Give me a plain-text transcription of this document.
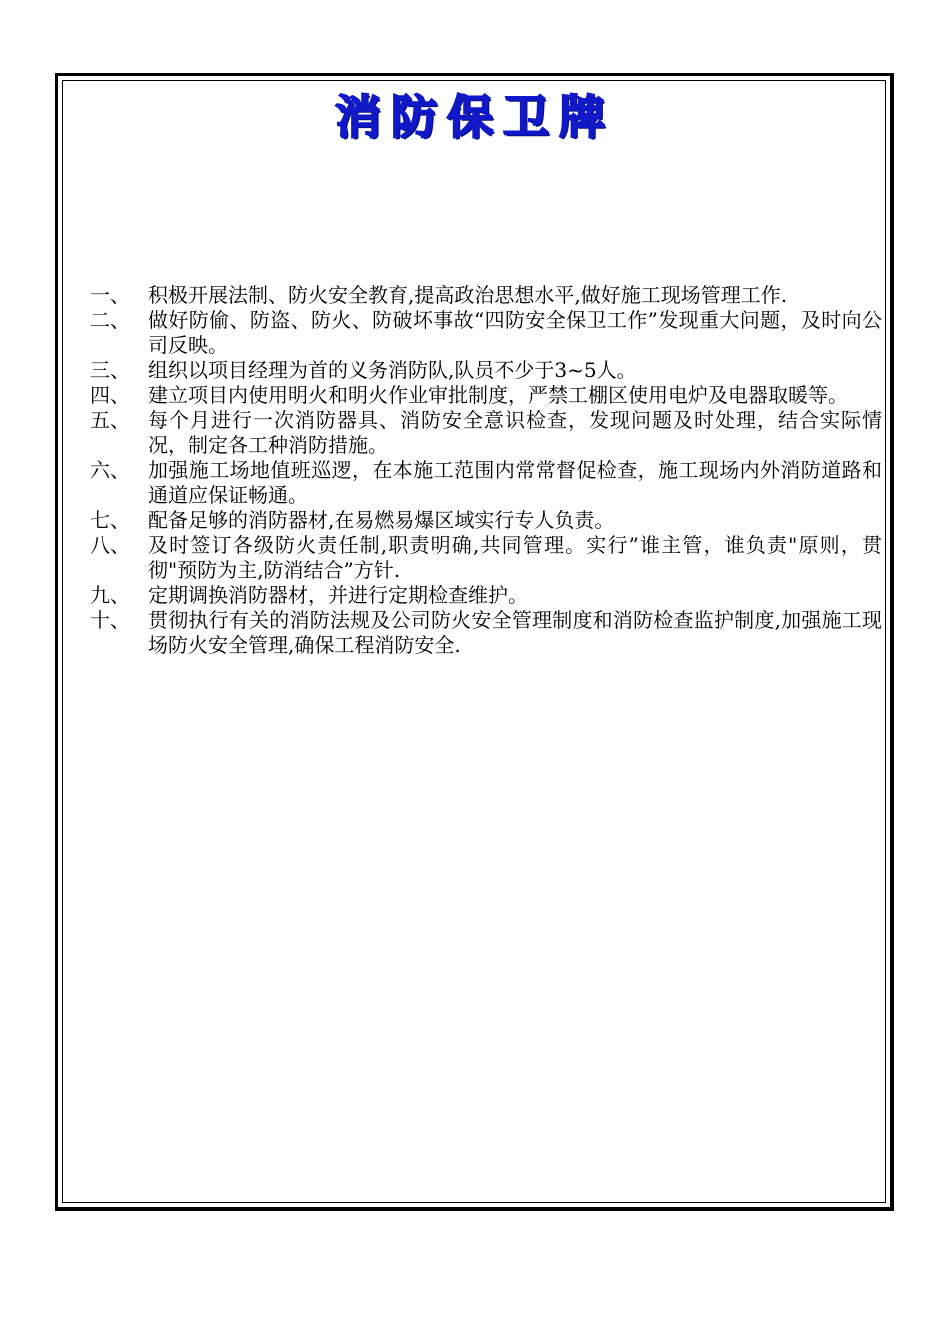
消防保卫牌
一、 积极开展法制、防火安全教育,提高政治思想水平,做好施工现场管理工作.
二、 做好防偷、防盗、防火、防破坏事故“四防安全保卫工作”发现重大问题，及时向公司反映。
三、 组织以项目经理为首的义务消防队,队员不少于3~5人。
四、 建立项目内使用明火和明火作业审批制度，严禁工棚区使用电炉及电器取暖等。
五、 每个月进行一次消防器具、消防安全意识检查，发现问题及时处理，结合实际情况，制定各工种消防措施。
六、 加强施工场地值班巡逻，在本施工范围内常常督促检查，施工现场内外消防道路和通道应保证畅通。
七、 配备足够的消防器材,在易燃易爆区域实行专人负责。
八、 及时签订各级防火责任制,职责明确,共同管理。实行”谁主管，谁负责"原则，贯彻"预防为主,防消结合”方针.
九、 定期调换消防器材，并进行定期检查维护。
十、 贯彻执行有关的消防法规及公司防火安全管理制度和消防检查监护制度,加强施工现场防火安全管理,确保工程消防安全.
